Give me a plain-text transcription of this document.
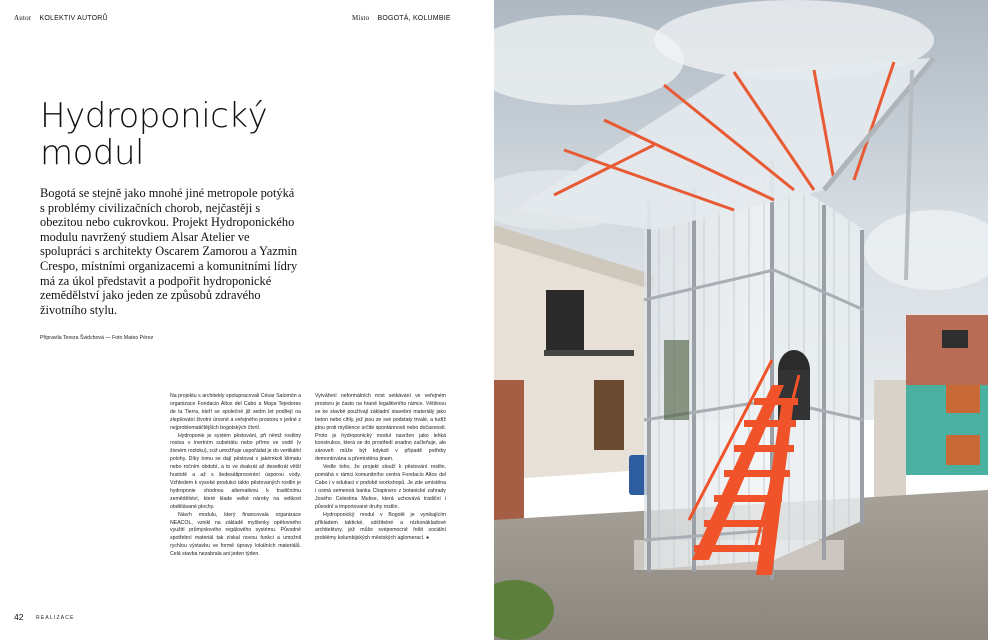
Autor KOLEKTIV AUTORŮ	Místo BOGOTÁ, KOLUMBIE
Hydroponický
modul

Bogotá se stejně jako mnohé jiné metropole potýká s problémy civilizačních chorob, nejčastěji s obezitou nebo cukrovkou. Projekt Hydroponického modulu navržený studiem Alsar Atelier ve spolupráci s architekty Oscarem Zamorou a Yazmin Crespo, místními organizacemi a komunitními lídry má za úkol představit a podpořit hydroponické zemědělství jako jeden ze způsobů zdravého životního stylu.

Připravila Tereza Švidchová — Foto Mateo Pérez

Na projektu s architekty spolupracovali César Salomón a organizace Fondacio Altos del Cabo a Maya Tejedores de la Tierra, kteří se společně již sedm let podílejí na zlepšování životní úrovně a veřejného prostoru v jedné z nejproblematičtějších bogotských čtvrtí.

Hydroponie je systém pěstování, při němž rostliny rostou v inertním substrátu nebo přímo ve vodě (v živném roztoku), což umožňuje uspořádat je do vertikální polohy. Díky tomu se dají pěstovat v jakémkoli klimatu nebo ročním období, a to ve dvakrát až desetkrát větší hustotě a až s šedesátiprocentní úsporou vody. Vzhledem k vysoké produkci takto pěstovaných rostlin je hydroponie vhodnou alternativou k tradičnímu zemědělství, které klade velké nároky na velikost obdělávané plochy.

Návrh modulu, který financovala organizace NEACOL, vznikl na základě myšlenky opětovného využití průmyslového regálového systému. Původně spotřební materiál tak získal novou funkci a umožnil rychlou výstavbu ve formě úpravy lokálních materiálů. Celá stavba nezabrala ani jeden týden.

Vytváření neformálních míst setkávání ve veřejném prostoru je často na hraně legalitivního rámce. Většinou se ke stavbě používají základní stavební materiály jako beton nebo cihly, jež jsou ze své podstaty trvalé, a tudíž jdou proti myšlence určité spontánnosti nebo dočasnosti. Proto je hydroponický modul navržen jako lehká konstrukce, která se do prostředí snadno začleňuje, ale zároveň může být kdykoli v případě potřeby demontována a přemístěna jinam.

Vedle toho, že projekt slouží k pěstování rostlin, pomáhá v rámci komunitního centra Fondacio Altos del Cabo i v edukaci v podobě workshopů. Je zde umístěna i osmá semenná banka Chapinero z botanické zahrady Josého Celestina Mutise, která uchovává tradiční i původní a importované druhy rostlin.

Hydroponický modul v Bogotě je vynikajícím příkladem taktické, udržitelné a nízkonákladové architektury, jež může svépomocně řešit sociální problémy kolumbijských městských aglomerací. ●

42	REALIZACE
